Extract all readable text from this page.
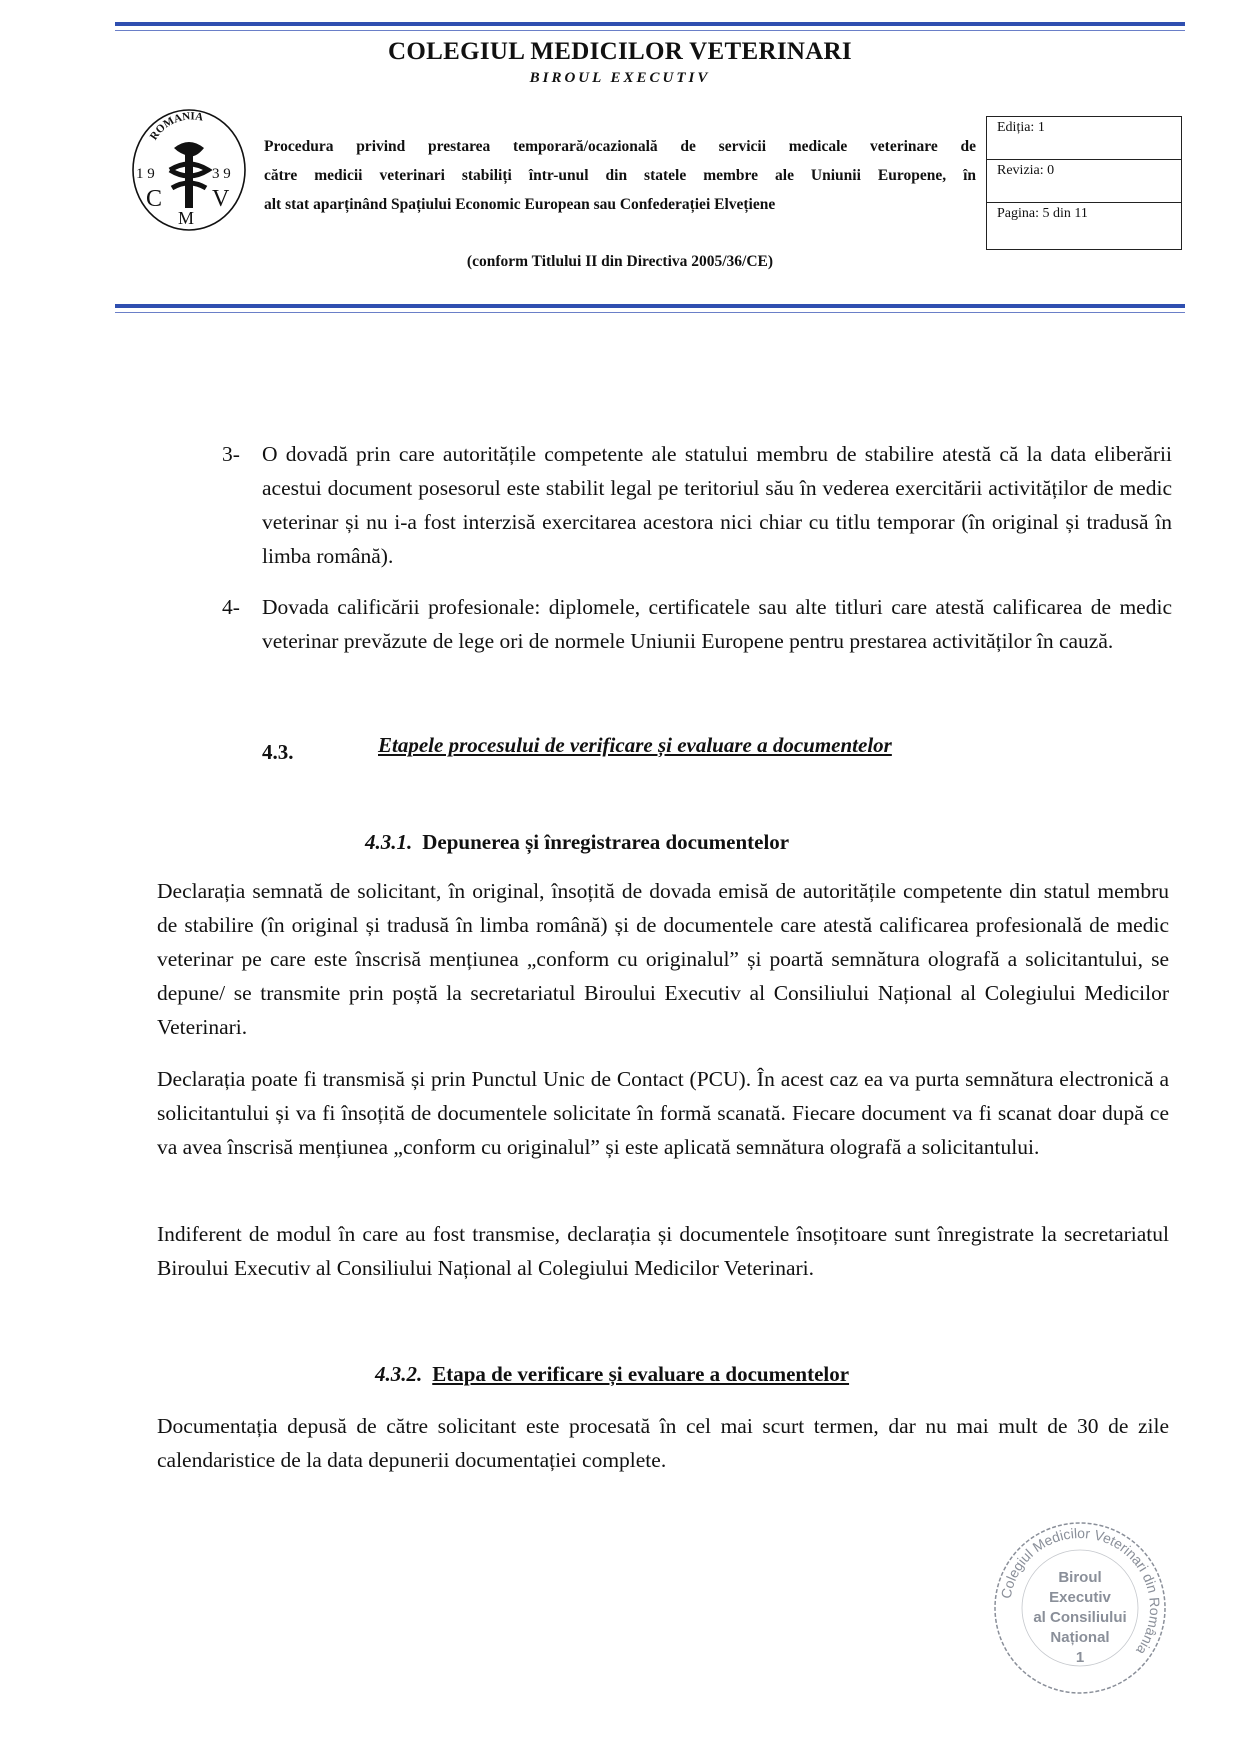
COLEGIUL MEDICILOR VETERINARI
BIROUL EXECUTIV
ROMANIA
1 9	3 9
C
M
V
Procedura privind prestarea temporară/ocazională de servicii medicale veterinare de
către medicii veterinari stabiliți într-unul din statele membre ale Uniunii Europene, în
alt stat aparținând Spațiului Economic European sau Confederației Elvețiene
Ediția: 1
Revizia: 0
Pagina: 5 din 11
(conform Titlului II din Directiva 2005/36/CE)
3- O dovadă prin care autoritățile competente ale statului membru de stabilire atestă că la data eliberării acestui document posesorul este stabilit legal pe teritoriul său în vederea exercitării activităților de medic veterinar și nu i-a fost interzisă exercitarea acestora nici chiar cu titlu temporar (în original și tradusă în limba română).
4- Dovada calificării profesionale: diplomele, certificatele sau alte titluri care atestă calificarea de medic veterinar prevăzute de lege ori de normele Uniunii Europene pentru prestarea activităților în cauză.
4.3.	Etapele procesului de verificare și evaluare a documentelor
4.3.1. Depunerea și înregistrarea documentelor
Declarația semnată de solicitant, în original, însoțită de dovada emisă de autoritățile competente din statul membru de stabilire (în original și tradusă în limba română) și de documentele care atestă calificarea profesională de medic veterinar pe care este înscrisă mențiunea „conform cu originalul” și poartă semnătura olografă a solicitantului, se depune/ se transmite prin poștă la secretariatul Biroului Executiv al Consiliului Național al Colegiului Medicilor Veterinari.
Declarația poate fi transmisă și prin Punctul Unic de Contact (PCU). În acest caz ea va purta semnătura electronică a solicitantului și va fi însoțită de documentele solicitate în formă scanată. Fiecare document va fi scanat doar după ce va avea înscrisă mențiunea „conform cu originalul” și este aplicată semnătura olografă a solicitantului.
Indiferent de modul în care au fost transmise, declarația și documentele însoțitoare sunt înregistrate la secretariatul Biroului Executiv al Consiliului Național al Colegiului Medicilor Veterinari.
4.3.2. Etapa de verificare și evaluare a documentelor
Documentația depusă de către solicitant este procesată în cel mai scurt termen, dar nu mai mult de 30 de zile calendaristice de la data depunerii documentației complete.
Colegiul Medicilor Veterinari din România
Biroul
Executiv
al Consiliului
Național
1
